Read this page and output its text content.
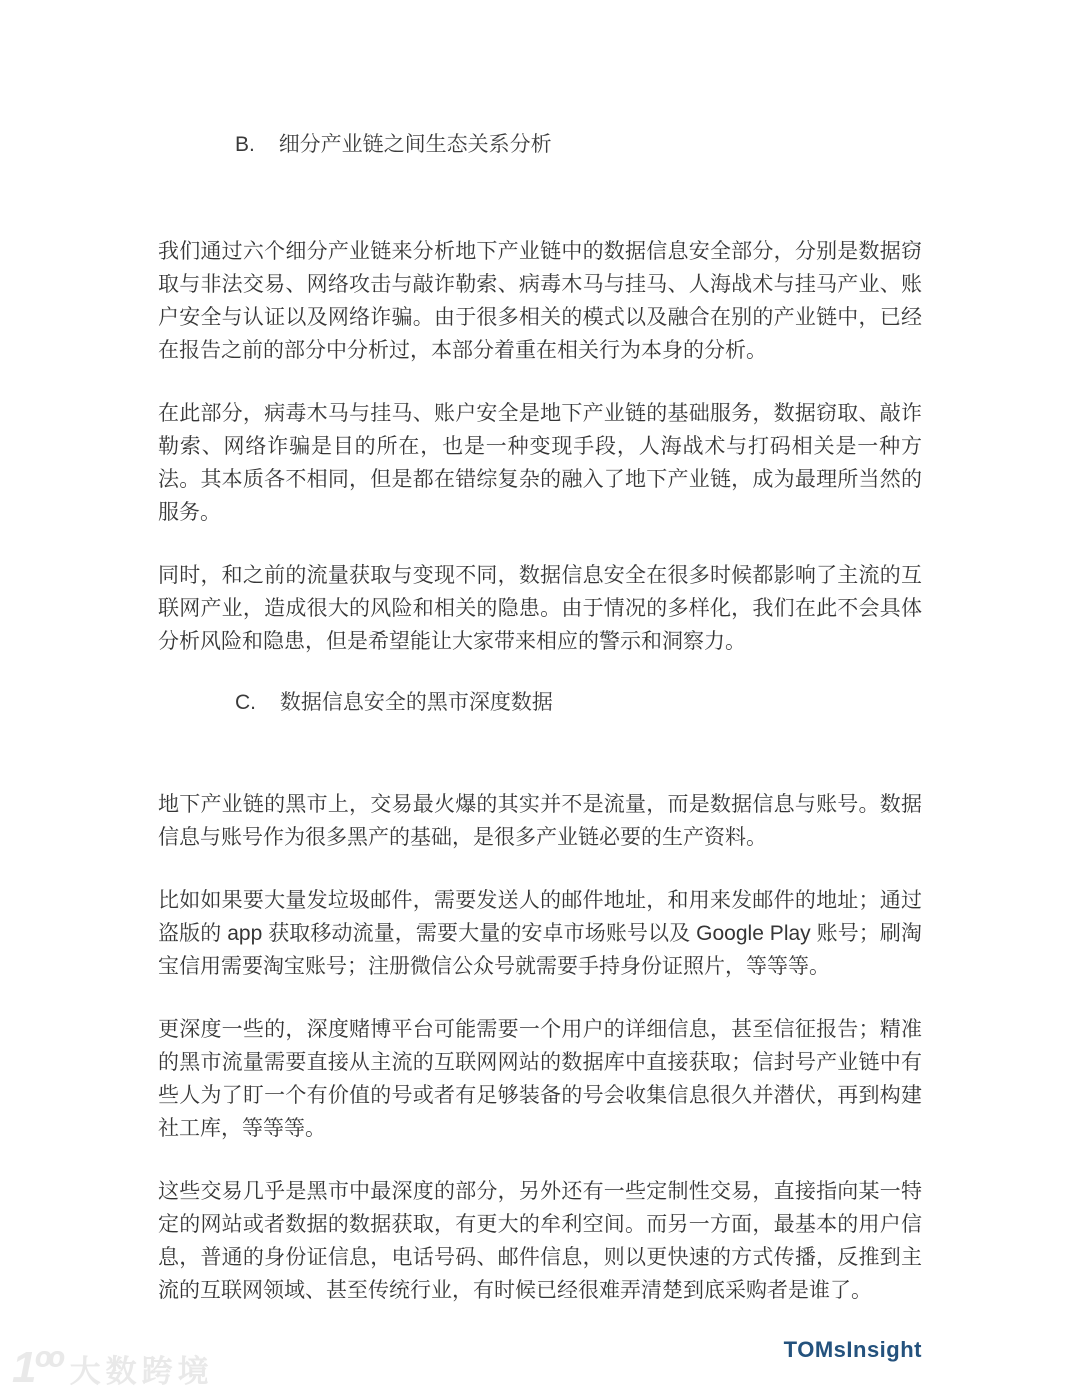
B. 细分产业链之间生态关系分析

我们通过六个细分产业链来分析地下产业链中的数据信息安全部分，分别是数据窃取与非法交易、网络攻击与敲诈勒索、病毒木马与挂马、人海战术与挂马产业、账户安全与认证以及网络诈骗。由于很多相关的模式以及融合在别的产业链中，已经在报告之前的部分中分析过，本部分着重在相关行为本身的分析。

在此部分，病毒木马与挂马、账户安全是地下产业链的基础服务，数据窃取、敲诈勒索、网络诈骗是目的所在，也是一种变现手段，人海战术与打码相关是一种方法。其本质各不相同，但是都在错综复杂的融入了地下产业链，成为最理所当然的服务。

同时，和之前的流量获取与变现不同，数据信息安全在很多时候都影响了主流的互联网产业，造成很大的风险和相关的隐患。由于情况的多样化，我们在此不会具体分析风险和隐患，但是希望能让大家带来相应的警示和洞察力。

C. 数据信息安全的黑市深度数据

地下产业链的黑市上，交易最火爆的其实并不是流量，而是数据信息与账号。数据信息与账号作为很多黑产的基础，是很多产业链必要的生产资料。

比如如果要大量发垃圾邮件，需要发送人的邮件地址，和用来发邮件的地址；通过盗版的 app 获取移动流量，需要大量的安卓市场账号以及 Google Play 账号；刷淘宝信用需要淘宝账号；注册微信公众号就需要手持身份证照片，等等等。

更深度一些的，深度赌博平台可能需要一个用户的详细信息，甚至信征报告；精准的黑市流量需要直接从主流的互联网网站的数据库中直接获取；信封号产业链中有些人为了盯一个有价值的号或者有足够装备的号会收集信息很久并潜伏，再到构建社工库，等等等。

这些交易几乎是黑市中最深度的部分，另外还有一些定制性交易，直接指向某一特定的网站或者数据的数据获取，有更大的牟利空间。而另一方面，最基本的用户信息，普通的身份证信息，电话号码、邮件信息，则以更快速的方式传播，反推到主流的互联网领域、甚至传统行业，有时候已经很难弄清楚到底采购者是谁了。

TOMsInsight
1ºº 大数跨境
